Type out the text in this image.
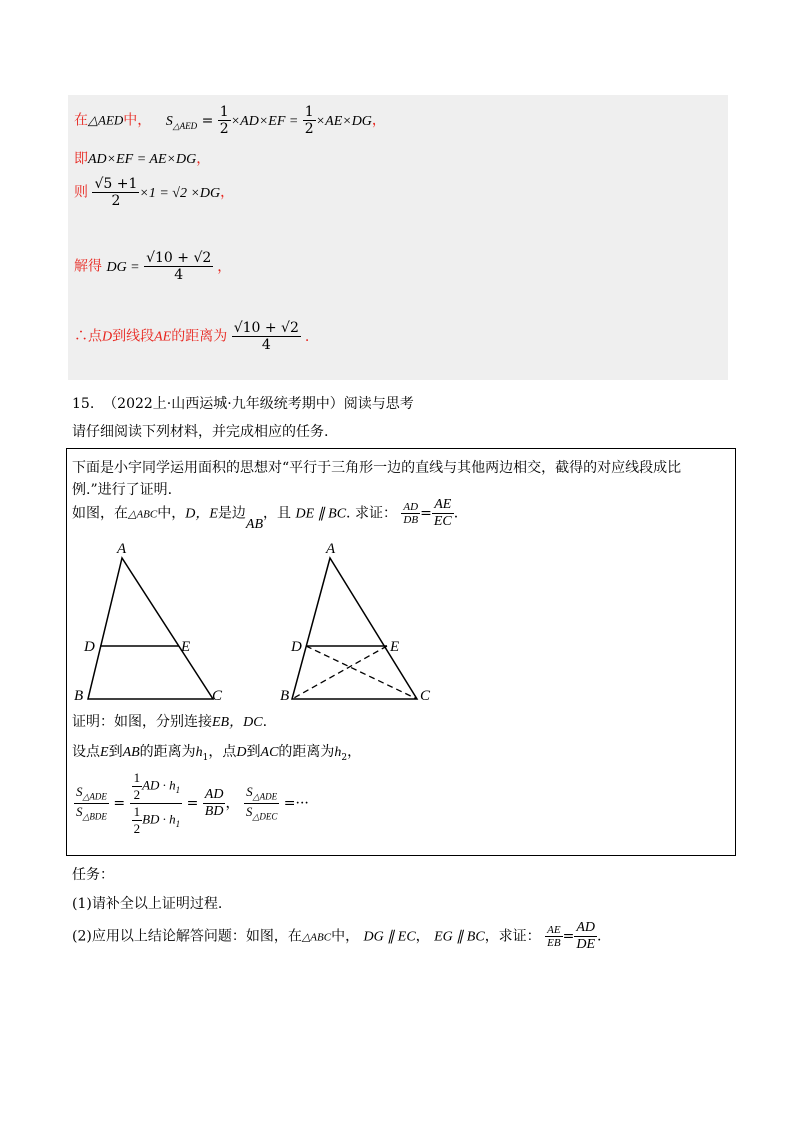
在△AED中， $S_{\triangle AED} = \frac{1}{2} \times AD\times EF = \frac{1}{2} \times AE\times DG$，
即AD×EF = AE×DG，
则 $\frac{√5 +1}{2} \times 1 = √2 \times DG$，
解得 DG = $\frac{√10 + √2}{4}$ ，
∴点D到线段AE的距离为 $\frac{√10 + √2}{4}$ .
15. （2022上·山西运城·九年级统考期中）阅读与思考
请仔细阅读下列材料，并完成相应的任务.
下面是小宇同学运用面积的思想对“平行于三角形一边的直线与其他两边相交，截得的对应线段成比
例.”进行了证明.
如图，在△ABC中，D，E是边AB，且 DE ∥ BC. 求证： $\frac{AD}{DB} = \frac{AE}{EC}$ .
A
D	E
B	C
A
D	E
B	C
证明：如图，分别连接EB，DC.
设点E到AB的距离为$h_1$，点D到AC的距离为$h_2$，
$\frac{S_{\triangle ADE}}{S_{\triangle BDE}} = \frac{\frac{1}{2} AD \cdot h_1}{\frac{1}{2} BD \cdot h_1} = \frac{AD}{BD}$ ， $\frac{S_{\triangle ADE}}{S_{\triangle DEC}}$ =···
任务：
(1)请补全以上证明过程.
(2)应用以上结论解答问题：如图，在△ABC中， DG ∥ EC， EG ∥ BC，求证： $\frac{AE}{EB} = \frac{AD}{DE}$ .
